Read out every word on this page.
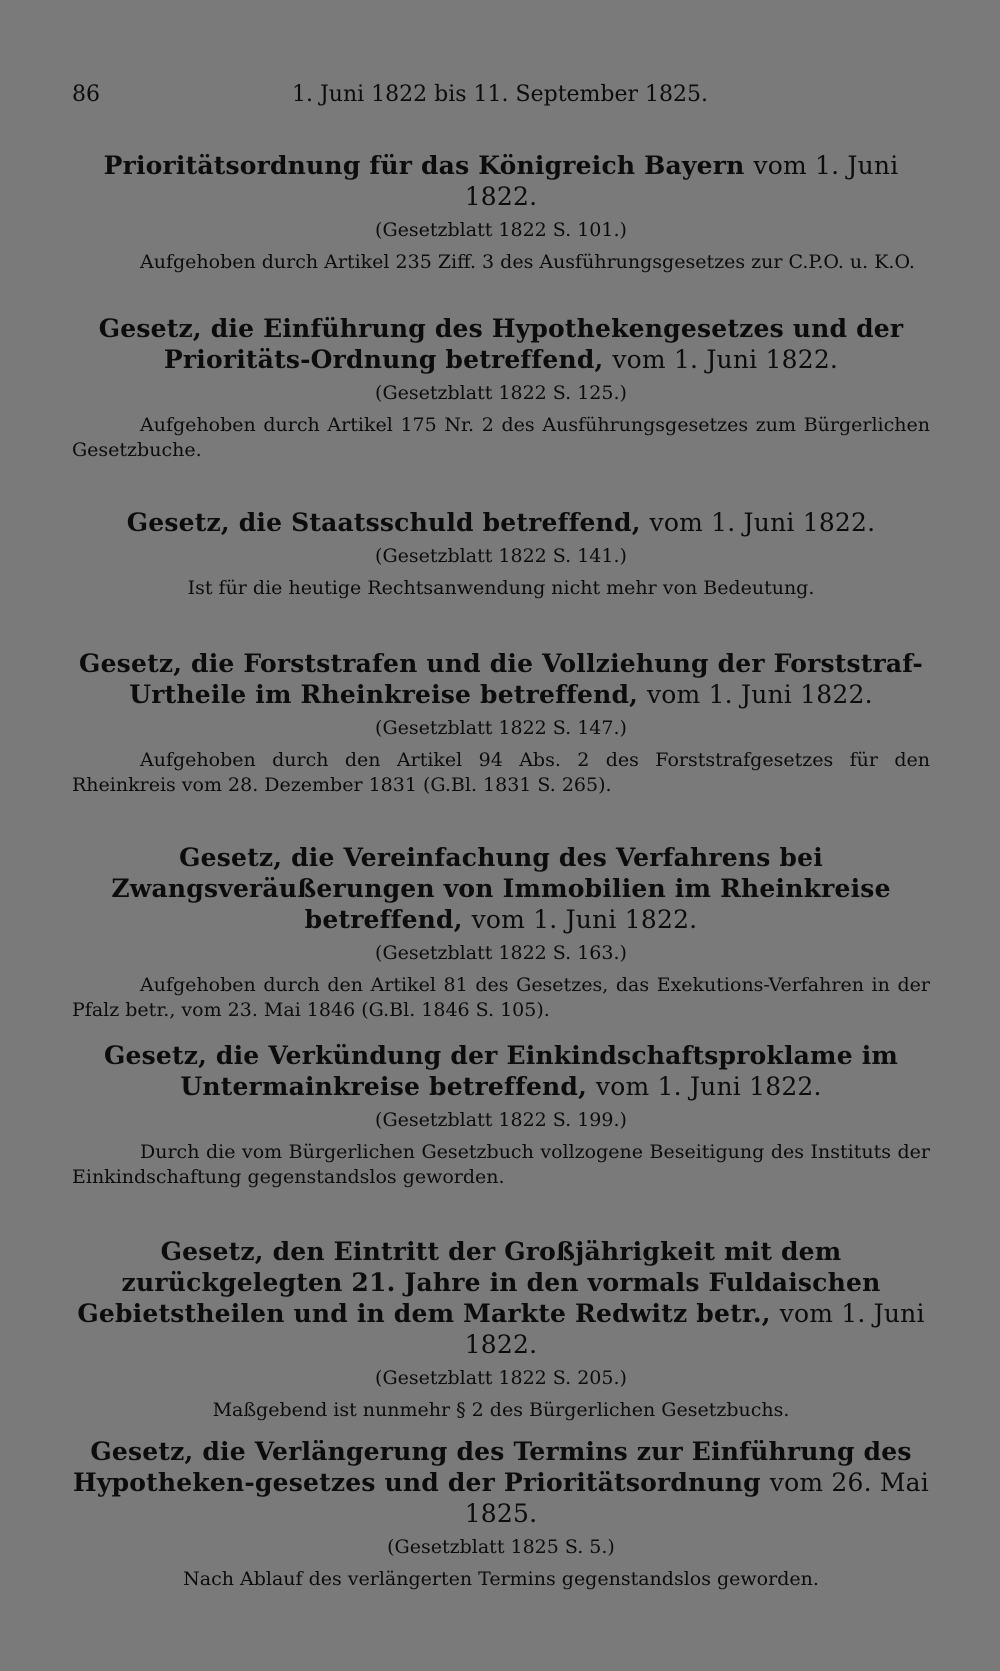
86	1. Juni 1822 bis 11. September 1825.

Prioritätsordnung für das Königreich Bayern vom 1. Juni 1822.

(Gesetzblatt 1822 S. 101.)
Aufgehoben durch Artikel 235 Ziff. 3 des Ausführungsgesetzes zur C.P.O. u. K.O.

Gesetz, die Einführung des Hypothekengesetzes und der Prioritäts-Ordnung betreffend, vom 1. Juni 1822.

(Gesetzblatt 1822 S. 125.)
Aufgehoben durch Artikel 175 Nr. 2 des Ausführungsgesetzes zum Bürgerlichen Gesetzbuche.

Gesetz, die Staatsschuld betreffend, vom 1. Juni 1822.

(Gesetzblatt 1822 S. 141.)
Ist für die heutige Rechtsanwendung nicht mehr von Bedeutung.

Gesetz, die Forststrafen und die Vollziehung der Forststraf-Urtheile im Rheinkreise betreffend, vom 1. Juni 1822.

(Gesetzblatt 1822 S. 147.)
Aufgehoben durch den Artikel 94 Abs. 2 des Forststrafgesetzes für den Rheinkreis vom 28. Dezember 1831 (G.Bl. 1831 S. 265).

Gesetz, die Vereinfachung des Verfahrens bei Zwangsveräußerungen von Immobilien im Rheinkreise betreffend, vom 1. Juni 1822.

(Gesetzblatt 1822 S. 163.)
Aufgehoben durch den Artikel 81 des Gesetzes, das Exekutions-Verfahren in der Pfalz betr., vom 23. Mai 1846 (G.Bl. 1846 S. 105).

Gesetz, die Verkündung der Einkindschaftsproklame im Untermainkreise betreffend, vom 1. Juni 1822.

(Gesetzblatt 1822 S. 199.)
Durch die vom Bürgerlichen Gesetzbuch vollzogene Beseitigung des Instituts der Einkindschaftung gegenstandslos geworden.

Gesetz, den Eintritt der Großjährigkeit mit dem zurückgelegten 21. Jahre in den vormals Fuldaischen Gebietstheilen und in dem Markte Redwitz betr., vom 1. Juni 1822.

(Gesetzblatt 1822 S. 205.)
Maßgebend ist nunmehr § 2 des Bürgerlichen Gesetzbuchs.

Gesetz, die Verlängerung des Termins zur Einführung des Hypotheken-gesetzes und der Prioritätsordnung vom 26. Mai 1825.

(Gesetzblatt 1825 S. 5.)
Nach Ablauf des verlängerten Termins gegenstandslos geworden.
